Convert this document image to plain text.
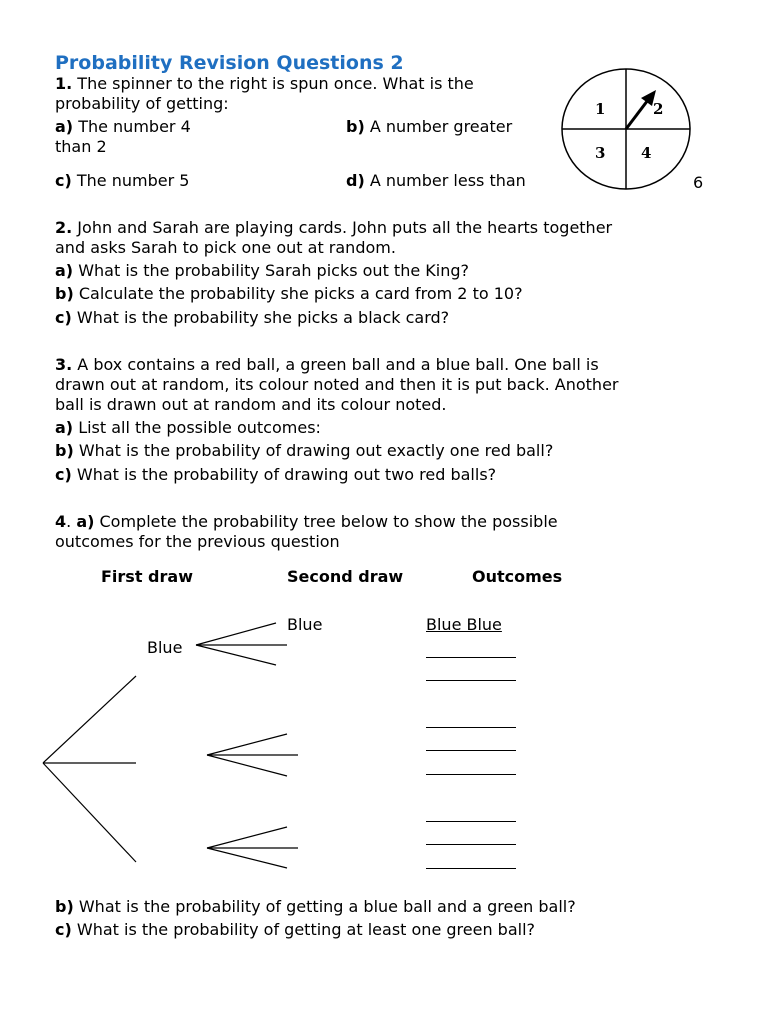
Probability Revision Questions 2
1. The spinner to the right is spun once. What is the
probability of getting:
a) The number 4	b) A number greater
than 2
c) The number 5	d) A number less than	6
1	2
3 4
2. John and Sarah are playing cards. John puts all the hearts together
and asks Sarah to pick one out at random.
a) What is the probability Sarah picks out the King?
b) Calculate the probability she picks a card from 2 to 10?
c) What is the probability she picks a black card?
3. A box contains a red ball, a green ball and a blue ball. One ball is
drawn out at random, its colour noted and then it is put back. Another
ball is drawn out at random and its colour noted.
a) List all the possible outcomes:
b) What is the probability of drawing out exactly one red ball?
c) What is the probability of drawing out two red balls?
4. a) Complete the probability tree below to show the possible
outcomes for the previous question
First draw	Second draw	Outcomes
Blue
Blue	Blue Blue
b) What is the probability of getting a blue ball and a green ball?
c) What is the probability of getting at least one green ball?
